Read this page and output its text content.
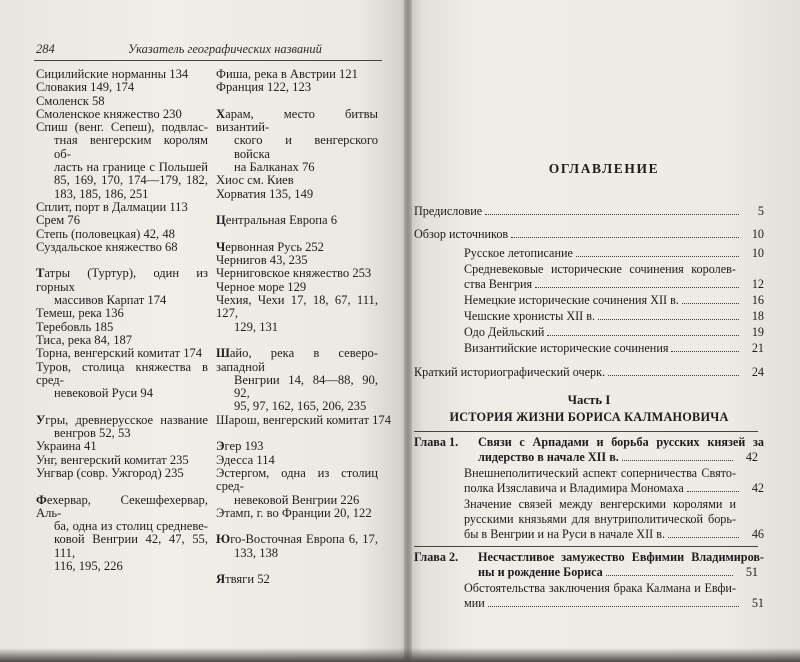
284	Указатель географических названий
Сицилийские норманны 134
Словакия 149, 174
Смоленск 58
Смоленское княжество 230
Спиш (венг. Сепеш), подвлаc-
тная венгерским королям об-
ласть на границе с Польшей
85, 169, 170, 174—179, 182,
183, 185, 186, 251
Сплит, порт в Далмации 113
Срем 76
Степь (половецкая) 42, 48
Суздальское княжество 68
Татры (Туртур), один из горных
массивов Карпат 174
Темеш, река 136
Теребовль 185
Тиса, река 84, 187
Торна, венгерский комитат 174
Туров, столица княжества в сред-
невековой Руси 94
Угры, древнерусское название
венгров 52, 53
Украина 41
Унг, венгерский комитат 235
Унгвар (совр. Ужгород) 235
Фехервар, Секешфехервар, Аль-
ба, одна из столиц средневе-
ковой Венгрии 42, 47, 55, 111,
116, 195, 226
Фиша, река в Австрии 121
Франция 122, 123
Харам, место битвы византий-
ского и венгерского войска
на Балканах 76
Хиос см. Киев
Хорватия 135, 149
Центральная Европа 6
Червонная Русь 252
Чернигов 43, 235
Черниговское княжество 253
Черное море 129
Чехия, Чехи 17, 18, 67, 111, 127,
129, 131
Шайо, река в северо-западной
Венгрии 14, 84—88, 90, 92,
95, 97, 162, 165, 206, 235
Шарош, венгерский комитат 174
Эгер 193
Эдесса 114
Эстергом, одна из столиц сред-
невековой Венгрии 226
Этамп, г. во Франции 20, 122
Юго-Восточная Европа 6, 17,
133, 138
Ятвяги 52
ОГЛАВЛЕНИЕ
Предисловие	5
Обзор источников	10
Русское летописание	10
Средневековые исторические сочинения королев-
ства Венгрия	12
Немецкие исторические сочинения XII в.	16
Чешские хронисты XII в.	18
Одо Дейльский	19
Византийские исторические сочинения	21
Краткий историографический очерк.	24
Часть I
ИСТОРИЯ ЖИЗНИ БОРИСА КАЛМАНОВИЧА
Глава 1.	Связи с Арпадами и борьба русских князей за
лидерство в начале XII в.	42
Внешнеполитический аспект соперничества Свято-
полка Изяславича и Владимира Мономаха	42
Значение связей между венгерскими королями и
русскими князьями для внутриполитической борь-
бы в Венгрии и на Руси в начале XII в.	46
Глава 2.	Несчастливое замужество Евфимии Владимиров-
ны и рождение Бориса	51
Обстоятельства заключения брака Калмана и Евфи-
мии	51
